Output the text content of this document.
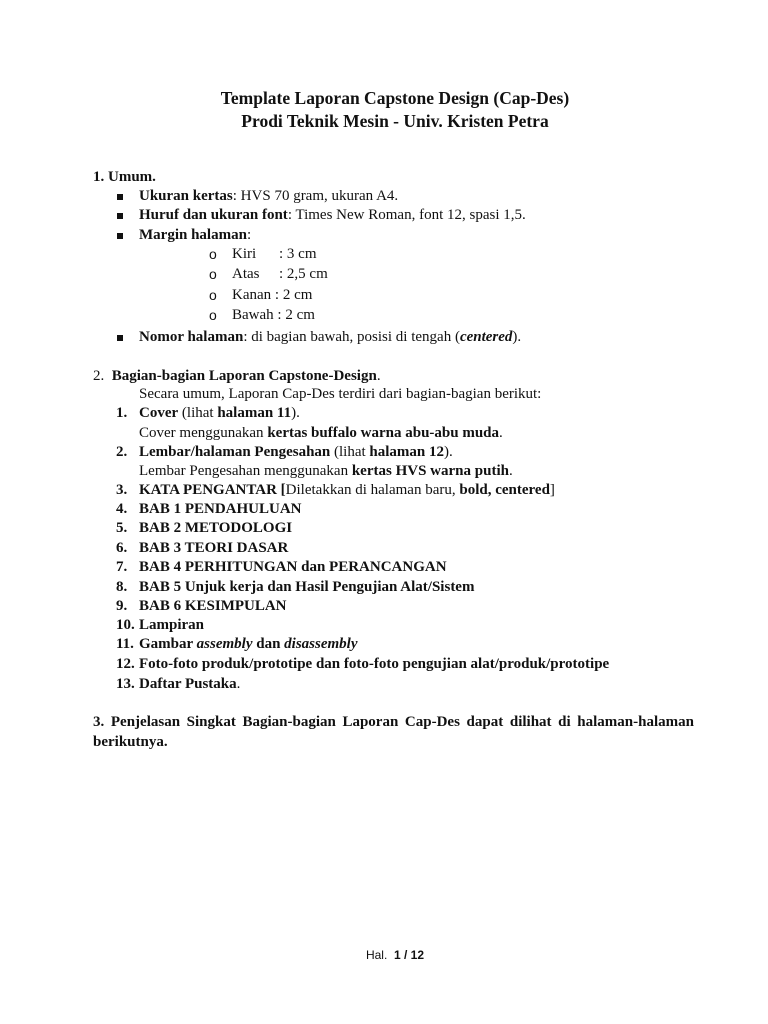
Template Laporan Capstone Design (Cap-Des)
Prodi Teknik Mesin - Univ. Kristen Petra
1. Umum.
Ukuran kertas: HVS 70 gram, ukuran A4.
Huruf dan ukuran font: Times New Roman, font 12, spasi 1,5.
Margin halaman:
o Kiri : 3 cm
o Atas : 2,5 cm
o Kanan : 2 cm
o Bawah : 2 cm
Nomor halaman: di bagian bawah, posisi di tengah (centered).
2. Bagian-bagian Laporan Capstone-Design.
Secara umum, Laporan Cap-Des terdiri dari bagian-bagian berikut:
1. Cover (lihat halaman 11).
Cover menggunakan kertas buffalo warna abu-abu muda.
2. Lembar/halaman Pengesahan (lihat halaman 12).
Lembar Pengesahan menggunakan kertas HVS warna putih.
3. KATA PENGANTAR [Diletakkan di halaman baru, bold, centered]
4. BAB 1 PENDAHULUAN
5. BAB 2 METODOLOGI
6. BAB 3 TEORI DASAR
7. BAB 4 PERHITUNGAN dan PERANCANGAN
8. BAB 5 Unjuk kerja dan Hasil Pengujian Alat/Sistem
9. BAB 6 KESIMPULAN
10. Lampiran
11. Gambar assembly dan disassembly
12. Foto-foto produk/prototipe dan foto-foto pengujian alat/produk/prototipe
13. Daftar Pustaka.
3. Penjelasan Singkat Bagian-bagian Laporan Cap-Des dapat dilihat di halaman-halaman
berikutnya.
Hal. 1 / 12
